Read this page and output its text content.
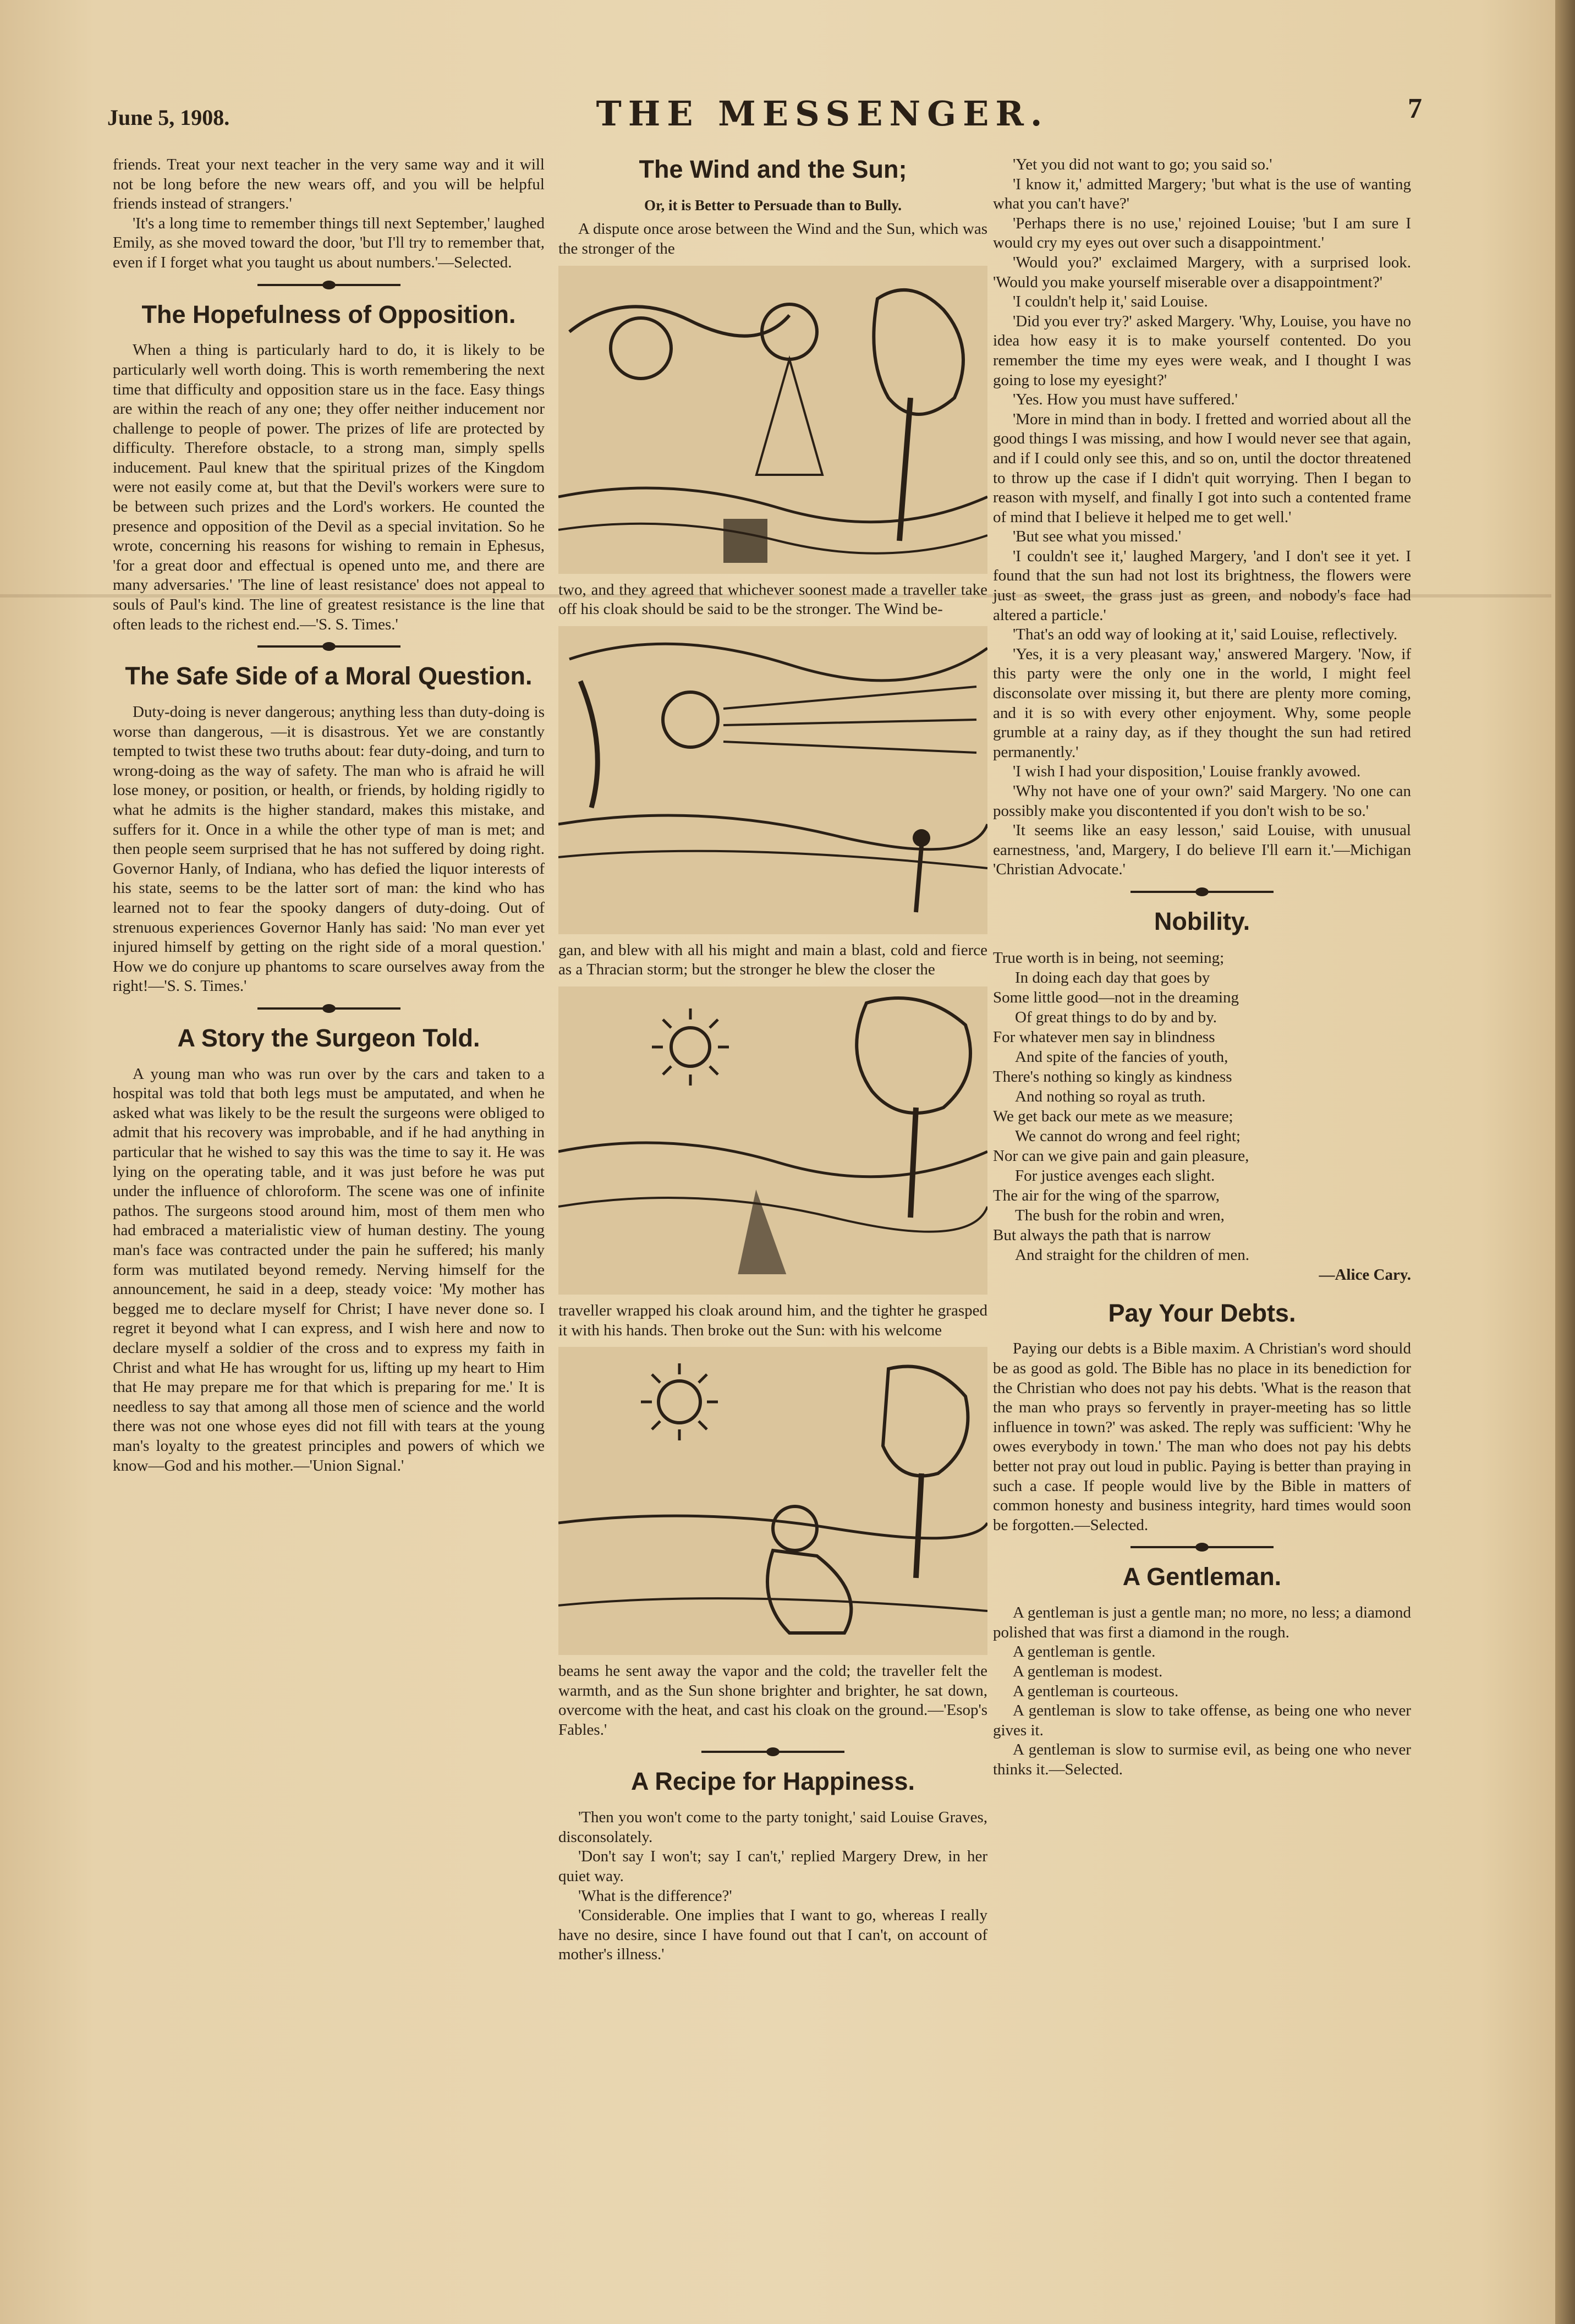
June 5, 1908.	THE MESSENGER.	7

friends. Treat your next teacher in the very same way and it will not be long before the new wears off, and you will be helpful friends instead of strangers.'

'It's a long time to remember things till next September,' laughed Emily, as she moved toward the door, 'but I'll try to remember that, even if I forget what you taught us about numbers.'—Selected.

The Hopefulness of Opposition.

When a thing is particularly hard to do, it is likely to be particularly well worth doing. This is worth remembering the next time that difficulty and opposition stare us in the face. Easy things are within the reach of any one; they offer neither inducement nor challenge to people of power. The prizes of life are protected by difficulty. Therefore obstacle, to a strong man, simply spells inducement. Paul knew that the spiritual prizes of the Kingdom were not easily come at, but that the Devil's workers were sure to be between such prizes and the Lord's workers. He counted the presence and opposition of the Devil as a special invitation. So he wrote, concerning his reasons for wishing to remain in Ephesus, 'for a great door and effectual is opened unto me, and there are many adversaries.' 'The line of least resistance' does not appeal to souls of Paul's kind. The line of greatest resistance is the line that often leads to the richest end.—'S. S. Times.'

The Safe Side of a Moral Question.

Duty-doing is never dangerous; anything less than duty-doing is worse than dangerous, —it is disastrous. Yet we are constantly tempted to twist these two truths about: fear duty-doing, and turn to wrong-doing as the way of safety. The man who is afraid he will lose money, or position, or health, or friends, by holding rigidly to what he admits is the higher standard, makes this mistake, and suffers for it. Once in a while the other type of man is met; and then people seem surprised that he has not suffered by doing right. Governor Hanly, of Indiana, who has defied the liquor interests of his state, seems to be the latter sort of man: the kind who has learned not to fear the spooky dangers of duty-doing. Out of strenuous experiences Governor Hanly has said: 'No man ever yet injured himself by getting on the right side of a moral question.' How we do conjure up phantoms to scare ourselves away from the right!—'S. S. Times.'

A Story the Surgeon Told.

A young man who was run over by the cars and taken to a hospital was told that both legs must be amputated, and when he asked what was likely to be the result the surgeons were obliged to admit that his recovery was improbable, and if he had anything in particular that he wished to say this was the time to say it. He was lying on the operating table, and it was just before he was put under the influence of chloroform. The scene was one of infinite pathos. The surgeons stood around him, most of them men who had embraced a materialistic view of human destiny. The young man's face was contracted under the pain he suffered; his manly form was mutilated beyond remedy. Nerving himself for the announcement, he said in a deep, steady voice: 'My mother has begged me to declare myself for Christ; I have never done so. I regret it beyond what I can express, and I wish here and now to declare myself a soldier of the cross and to express my faith in Christ and what He has wrought for us, lifting up my heart to Him that He may prepare me for that which is preparing for me.' It is needless to say that among all those men of science and the world there was not one whose eyes did not fill with tears at the young man's loyalty to the greatest principles and powers of which we know—God and his mother.—'Union Signal.'

The Wind and the Sun;
Or, it is Better to Persuade than to Bully.

A dispute once arose between the Wind and the Sun, which was the stronger of the

two, and they agreed that whichever soonest made a traveller take off his cloak should be said to be the stronger. The Wind be-

gan, and blew with all his might and main a blast, cold and fierce as a Thracian storm; but the stronger he blew the closer the

traveller wrapped his cloak around him, and the tighter he grasped it with his hands. Then broke out the Sun: with his welcome

beams he sent away the vapor and the cold; the traveller felt the warmth, and as the Sun shone brighter and brighter, he sat down, overcome with the heat, and cast his cloak on the ground.—'Esop's Fables.'

A Recipe for Happiness.

'Then you won't come to the party tonight,' said Louise Graves, disconsolately.

'Don't say I won't; say I can't,' replied Margery Drew, in her quiet way.

'What is the difference?'

'Considerable. One implies that I want to go, whereas I really have no desire, since I have found out that I can't, on account of mother's illness.'

'Yet you did not want to go; you said so.'

'I know it,' admitted Margery; 'but what is the use of wanting what you can't have?'

'Perhaps there is no use,' rejoined Louise; 'but I am sure I would cry my eyes out over such a disappointment.'

'Would you?' exclaimed Margery, with a surprised look. 'Would you make yourself miserable over a disappointment?'

'I couldn't help it,' said Louise.

'Did you ever try?' asked Margery. 'Why, Louise, you have no idea how easy it is to make yourself contented. Do you remember the time my eyes were weak, and I thought I was going to lose my eyesight?'

'Yes. How you must have suffered.'

'More in mind than in body. I fretted and worried about all the good things I was missing, and how I would never see that again, and if I could only see this, and so on, until the doctor threatened to throw up the case if I didn't quit worrying. Then I began to reason with myself, and finally I got into such a contented frame of mind that I believe it helped me to get well.'

'But see what you missed.'

'I couldn't see it,' laughed Margery, 'and I don't see it yet. I found that the sun had not lost its brightness, the flowers were just as sweet, the grass just as green, and nobody's face had altered a particle.'

'That's an odd way of looking at it,' said Louise, reflectively.

'Yes, it is a very pleasant way,' answered Margery. 'Now, if this party were the only one in the world, I might feel disconsolate over missing it, but there are plenty more coming, and it is so with every other enjoyment. Why, some people grumble at a rainy day, as if they thought the sun had retired permanently.'

'I wish I had your disposition,' Louise frankly avowed.

'Why not have one of your own?' said Margery. 'No one can possibly make you discontented if you don't wish to be so.'

'It seems like an easy lesson,' said Louise, with unusual earnestness, 'and, Margery, I do believe I'll earn it.'—Michigan 'Christian Advocate.'

Nobility.
True worth is in being, not seeming;
In doing each day that goes by
Some little good—not in the dreaming
Of great things to do by and by.
For whatever men say in blindness
And spite of the fancies of youth,
There's nothing so kingly as kindness
And nothing so royal as truth.
We get back our mete as we measure;
We cannot do wrong and feel right;
Nor can we give pain and gain pleasure,
For justice avenges each slight.
The air for the wing of the sparrow,
The bush for the robin and wren,
But always the path that is narrow
And straight for the children of men.
—Alice Cary.
Pay Your Debts.

Paying our debts is a Bible maxim. A Christian's word should be as good as gold. The Bible has no place in its benediction for the Christian who does not pay his debts. 'What is the reason that the man who prays so fervently in prayer-meeting has so little influence in town?' was asked. The reply was sufficient: 'Why he owes everybody in town.' The man who does not pay his debts better not pray out loud in public. Paying is better than praying in such a case. If people would live by the Bible in matters of common honesty and business integrity, hard times would soon be forgotten.—Selected.

A Gentleman.

A gentleman is just a gentle man; no more, no less; a diamond polished that was first a diamond in the rough.

A gentleman is gentle.

A gentleman is modest.

A gentleman is courteous.

A gentleman is slow to take offense, as being one who never gives it.

A gentleman is slow to surmise evil, as being one who never thinks it.—Selected.
